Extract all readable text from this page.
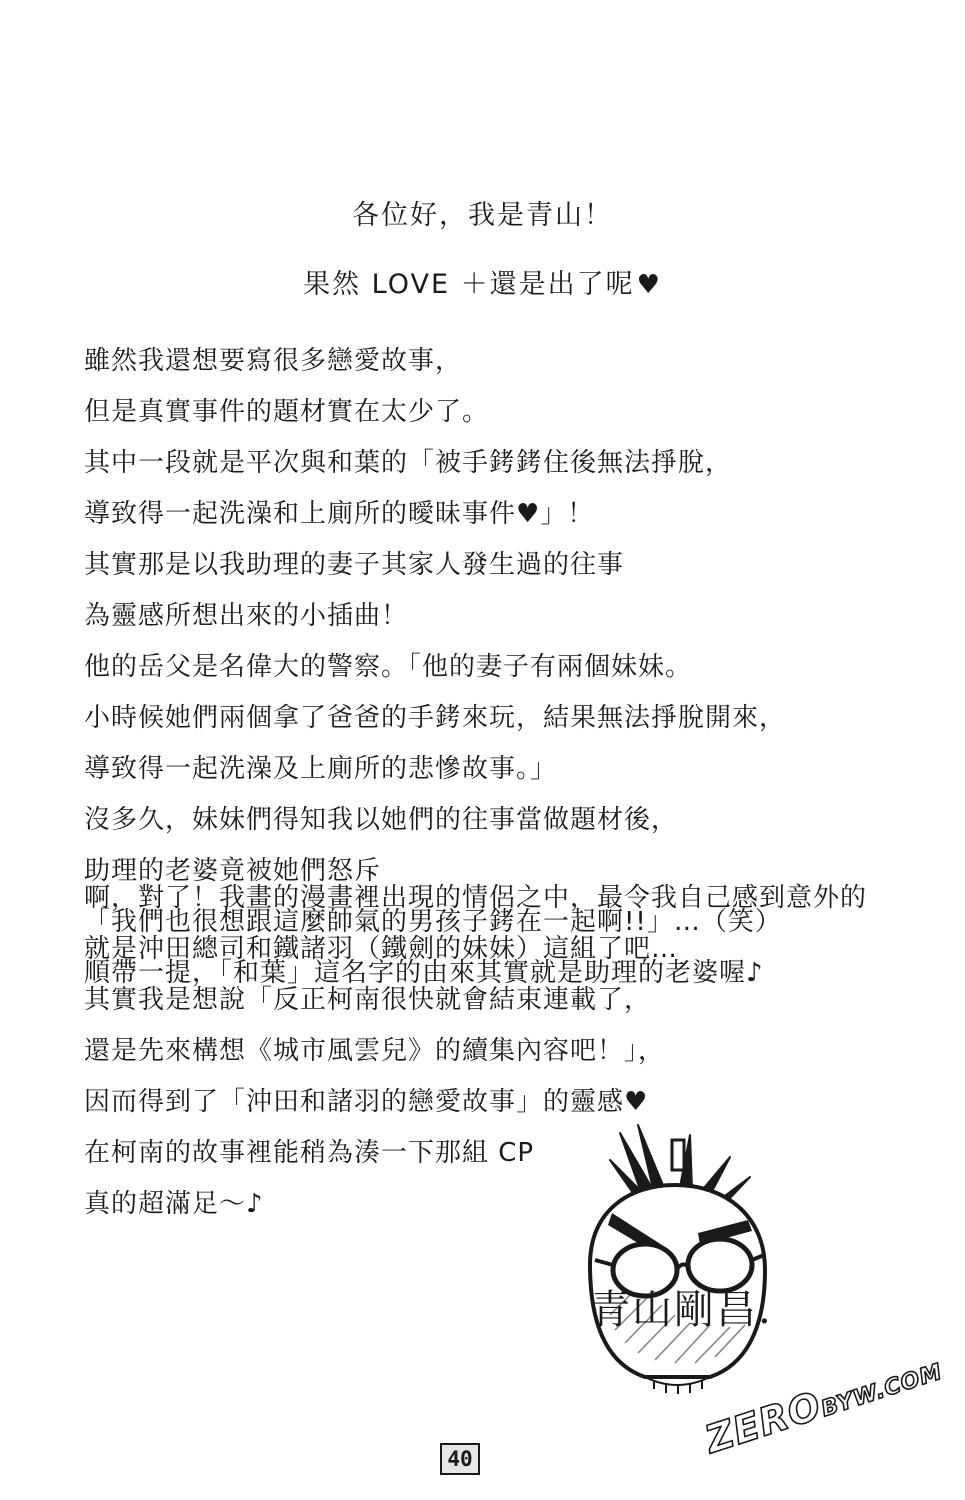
各位好，我是青山！
果然 LOVE ＋還是出了呢♥
雖然我還想要寫很多戀愛故事，
但是真實事件的題材實在太少了。
其中一段就是平次與和葉的「被手銬銬住後無法掙脫，
導致得一起洗澡和上廁所的曖昧事件♥」！
其實那是以我助理的妻子其家人發生過的往事
為靈感所想出來的小插曲！
他的岳父是名偉大的警察。「他的妻子有兩個妹妹。
小時候她們兩個拿了爸爸的手銬來玩，結果無法掙脫開來，
導致得一起洗澡及上廁所的悲慘故事。」
沒多久，妹妹們得知我以她們的往事當做題材後，
助理的老婆竟被她們怒斥
「我們也很想跟這麼帥氣的男孩子銬在一起啊!!」…（笑）
順帶一提，「和葉」這名字的由來其實就是助理的老婆喔♪
啊，對了！我畫的漫畫裡出現的情侶之中，最令我自己感到意外的
就是沖田總司和鐵諸羽（鐵劍的妹妹）這組了吧…
其實我是想說「反正柯南很快就會結束連載了，
還是先來構想《城市風雲兒》的續集內容吧！」，
因而得到了「沖田和諸羽的戀愛故事」的靈感♥
在柯南的故事裡能稍為湊一下那組 CP
真的超滿足～♪
青山剛昌.
40	ZEROBYW.COM
